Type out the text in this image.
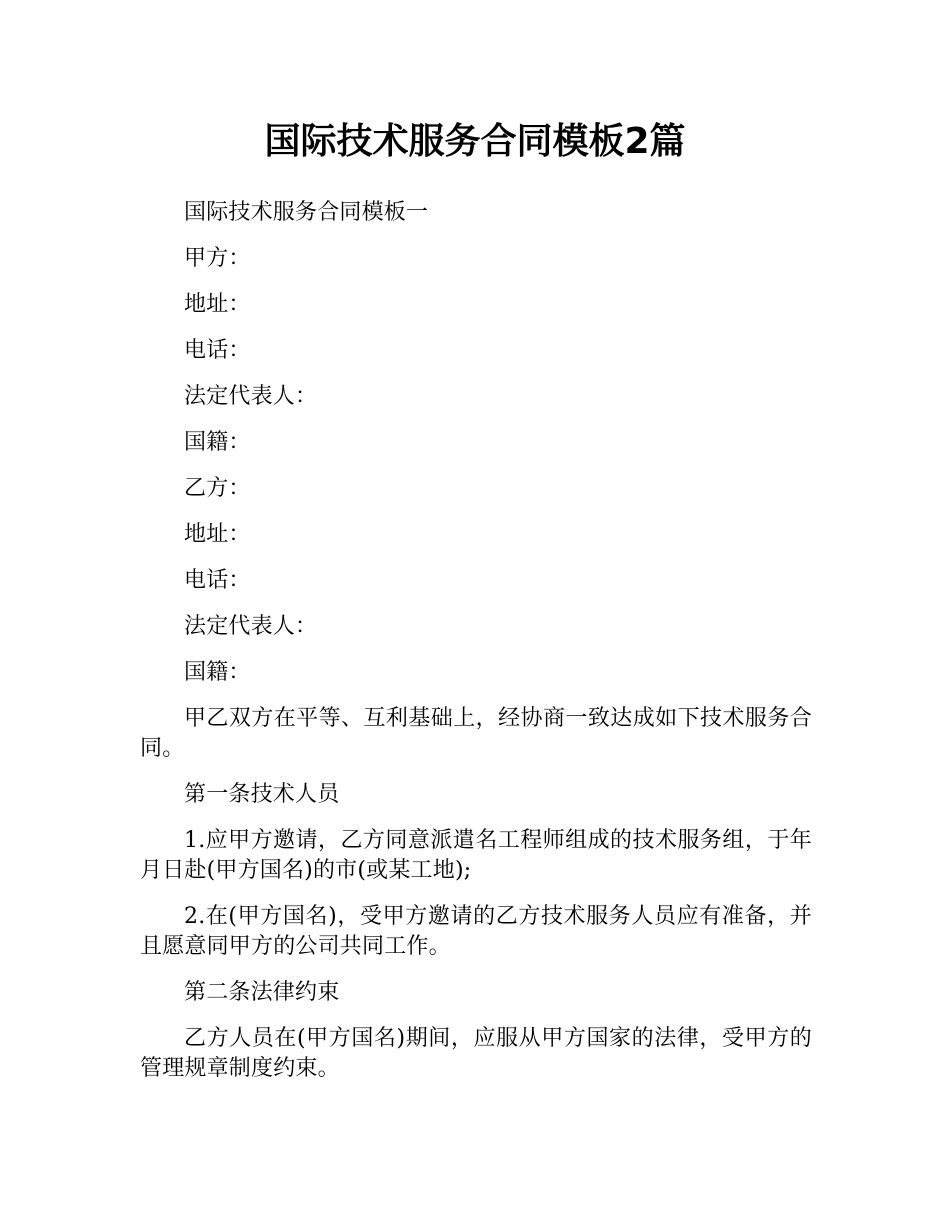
国际技术服务合同模板2篇

国际技术服务合同模板一

甲方：

地址：

电话：

法定代表人：

国籍：

乙方：

地址：

电话：

法定代表人：

国籍：

甲乙双方在平等、互利基础上，经协商一致达成如下技术服务合同。

第一条技术人员

1.应甲方邀请，乙方同意派遣名工程师组成的技术服务组，于年月日赴(甲方国名)的市(或某工地);

2.在(甲方国名)，受甲方邀请的乙方技术服务人员应有准备，并且愿意同甲方的公司共同工作。

第二条法律约束

乙方人员在(甲方国名)期间，应服从甲方国家的法律，受甲方的管理规章制度约束。
